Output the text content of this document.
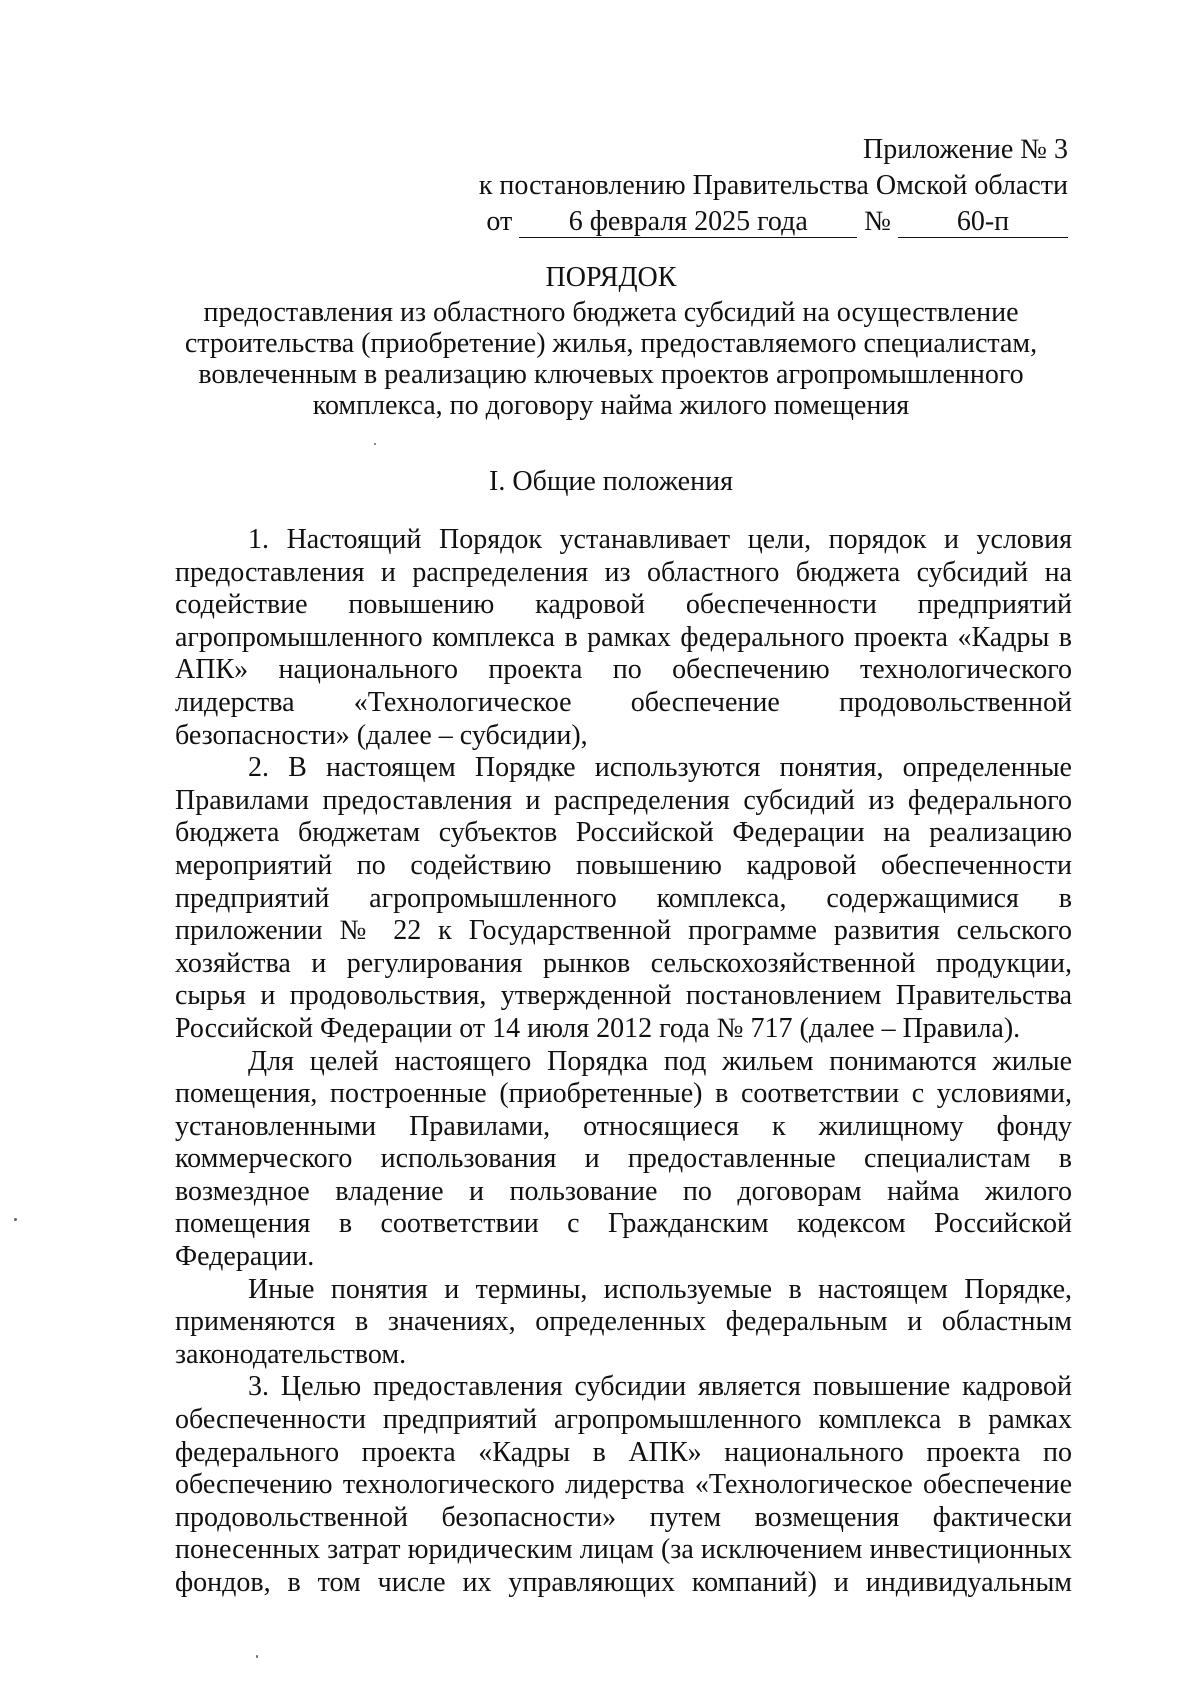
Приложение № 3
к постановлению Правительства Омской области
от 6 февраля 2025 года № 60-п
ПОРЯДОК
предоставления из областного бюджета субсидий на осуществление строительства (приобретение) жилья, предоставляемого специалистам, вовлеченным в реализацию ключевых проектов агропромышленного комплекса, по договору найма жилого помещения
I. Общие положения

1. Настоящий Порядок устанавливает цели, порядок и условия предоставления и распределения из областного бюджета субсидий на содействие повышению кадровой обеспеченности предприятий агропромышленного комплекса в рамках федерального проекта «Кадры в АПК» национального проекта по обеспечению технологического лидерства «Технологическое обеспечение продовольственной безопасности» (далее – субсидии),

2. В настоящем Порядке используются понятия, определенные Правилами предоставления и распределения субсидий из федерального бюджета бюджетам субъектов Российской Федерации на реализацию мероприятий по содействию повышению кадровой обеспеченности предприятий агропромышленного комплекса, содержащимися в приложении № 22 к Государственной программе развития сельского хозяйства и регулирования рынков сельскохозяйственной продукции, сырья и продовольствия, утвержденной постановлением Правительства Российской Федерации от 14 июля 2012 года № 717 (далее – Правила).

Для целей настоящего Порядка под жильем понимаются жилые помещения, построенные (приобретенные) в соответствии с условиями, установленными Правилами, относящиеся к жилищному фонду коммерческого использования и предоставленные специалистам в возмездное владение и пользование по договорам найма жилого помещения в соответствии с Гражданским кодексом Российской Федерации.

Иные понятия и термины, используемые в настоящем Порядке, применяются в значениях, определенных федеральным и областным законодательством.

3. Целью предоставления субсидии является повышение кадровой обеспеченности предприятий агропромышленного комплекса в рамках федерального проекта «Кадры в АПК» национального проекта по обеспечению технологического лидерства «Технологическое обеспечение продовольственной безопасности» путем возмещения фактически понесенных затрат юридическим лицам (за исключением инвестиционных фондов, в том числе их управляющих компаний) и индивидуальным
